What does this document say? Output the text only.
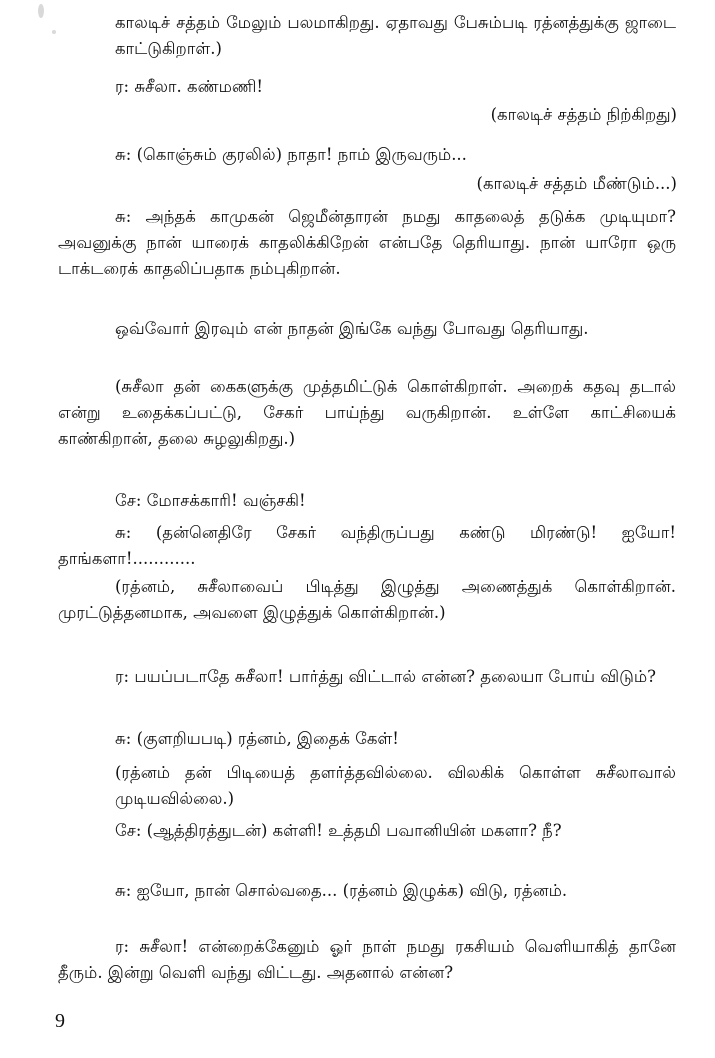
காலடிச் சத்தம் மேலும் பலமாகிறது. ஏதாவது பேசும்படி ரத்னத்துக்கு ஜாடை காட்டுகிறாள்.)

ர: சுசீலா. கண்மணி!

(காலடிச் சத்தம் நிற்கிறது)

சு: (கொஞ்சும் குரலில்) நாதா! நாம் இருவரும்...

(காலடிச் சத்தம் மீண்டும்...)

சு: அந்தக் காமுகன் ஜெமீன்தாரன் நமது காதலைத் தடுக்க முடியுமா? அவனுக்கு நான் யாரைக் காதலிக்கிறேன் என்பதே தெரியாது. நான் யாரோ ஒரு டாக்டரைக் காதலிப்பதாக நம்புகிறான்.

ஒவ்வோர் இரவும் என் நாதன் இங்கே வந்து போவது தெரியாது.

(சுசீலா தன் கைகளுக்கு முத்தமிட்டுக் கொள்கிறாள். அறைக் கதவு தடால் என்று உதைக்கப்பட்டு, சேகர் பாய்ந்து வருகிறான். உள்ளே காட்சியைக் காண்கிறான், தலை சுழலுகிறது.)

சே: மோசக்காரி! வஞ்சகி!

சு: (தன்னெதிரே சேகர் வந்திருப்பது கண்டு மிரண்டு! ஐயோ! தாங்களா!............

(ரத்னம், சுசீலாவைப் பிடித்து இழுத்து அணைத்துக் கொள்கிறான். முரட்டுத்தனமாக, அவளை இழுத்துக் கொள்கிறான்.)

ர: பயப்படாதே சுசீலா! பார்த்து விட்டால் என்ன? தலையா போய் விடும்?

சு: (குளறியபடி) ரத்னம், இதைக் கேள்!

(ரத்னம் தன் பிடியைத் தளர்த்தவில்லை. விலகிக் கொள்ள சுசீலாவால் முடியவில்லை.)

சே: (ஆத்திரத்துடன்) கள்ளி! உத்தமி பவானியின் மகளா? நீ?

சு: ஐயோ, நான் சொல்வதை... (ரத்னம் இழுக்க) விடு, ரத்னம்.

ர: சுசீலா! என்றைக்கேனும் ஓர் நாள் நமது ரகசியம் வெளியாகித் தானே தீரும். இன்று வெளி வந்து விட்டது. அதனால் என்ன?

9
